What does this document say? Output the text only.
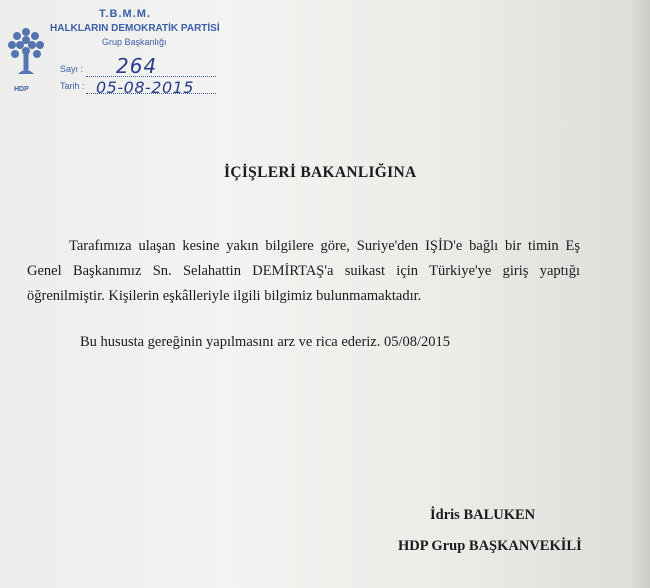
HDP
T.B.M.M.
HALKLARIN DEMOKRATİK PARTİSİ
Grup Başkanlığı
Sayı :
Tarih :
264
05-08-2015
İÇİŞLERİ BAKANLIĞINA
Tarafımıza ulaşan kesine yakın bilgilere göre, Suriye'den IŞİD'e bağlı bir timin Eş
Genel Başkanımız Sn. Selahattin DEMİRTAŞ'a suikast için Türkiye'ye giriş yaptığı
öğrenilmiştir. Kişilerin eşkâlleriyle ilgili bilgimiz bulunmamaktadır.
Bu hususta gereğinin yapılmasını arz ve rica ederiz. 05/08/2015
İdris BALUKEN
HDP Grup BAŞKANVEKİLİ
